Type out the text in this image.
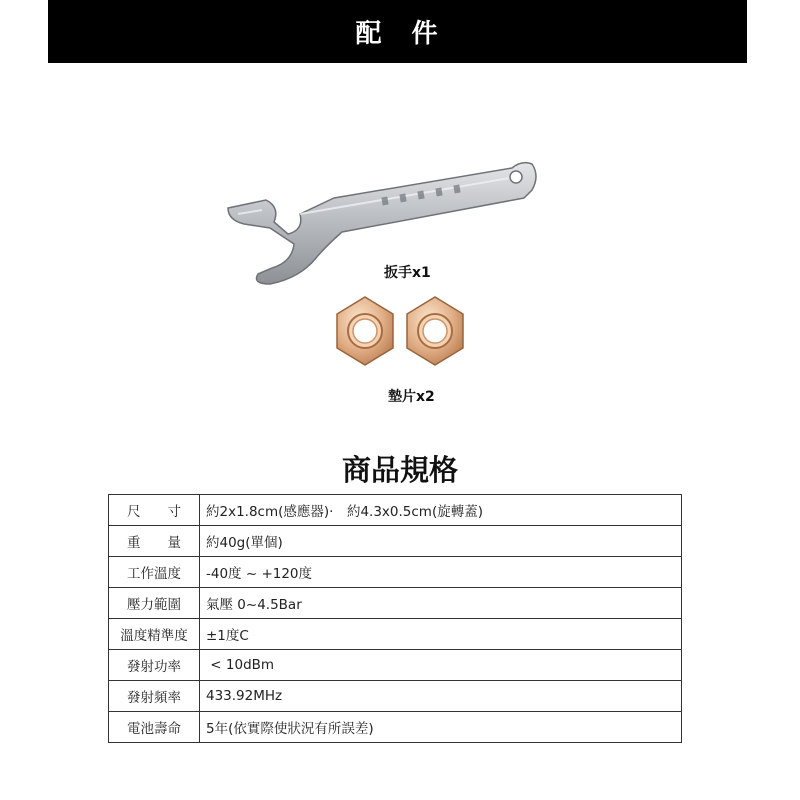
配　件
扳手x1
墊片x2
商品規格
尺　　寸	約2x1.8cm(感應器)·　約4.3x0.5cm(旋轉蓋)
重　　量	約40g(單個)
工作溫度	-40度 ~ +120度
壓力範圍	氣壓 0~4.5Bar
溫度精準度	±1度C
發射功率	< 10dBm
發射頻率	433.92MHz
電池壽命	5年(依實際使狀況有所誤差)
